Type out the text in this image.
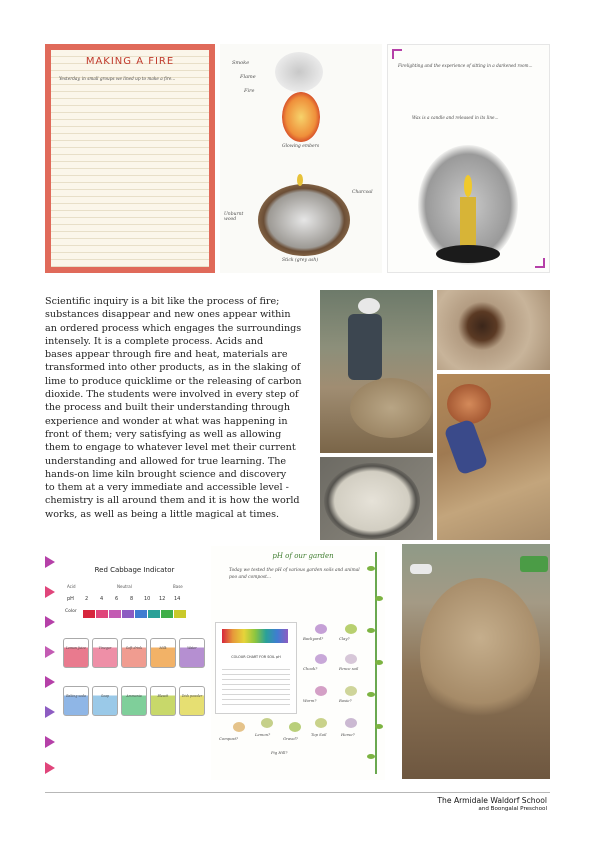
MAKING A FIRE
Yesterday, in small groups we lined up to make a fire...
Smoke
Flame
Fire
Glowing embers
Charcoal
Unburnt wood
Stick (grey ash)
Firelighting and the experience of sitting in a darkened room...
Wax is a candle and released in its line...
Scientific inquiry is a bit like the process of fire;
substances disappear and new ones appear within
an ordered process which engages the surroundings
intensely. It is a complete process. Acids and
bases appear through fire and heat, materials are
transformed into other products, as in the slaking of
lime to produce quicklime or the releasing of carbon
dioxide. The students were involved in every step of
the process and built their understanding through
experience and wonder at what was happening in
front of them; very satisfying as well as allowing
them to engage to whatever level met their current
understanding and allowed for true learning. The
hands-on lime kiln brought science and discovery
to them at a very immediate and accessible level -
chemistry is all around them and it is how the world
works, as well as being a little magical at times.
Red Cabbage Indicator
Acid	Neutral	Base
pH 2 4 6 8 10 12 14
Color
Lemon Juice	Vinegar	Soft drink	Milk	Water
Baking soda	Soap	Ammonia	Bleach	Dish powder
pH of our garden
Today we tested the pH of various garden soils and animal poo and compost...
COLOUR CHART FOR SOIL pH
Backyard?	Clay?
Chook?	Fence soil
Worm?	Rosie?
Compost?
Lemon?
Gravel?
Top Soil	Horse?
Pig Hill?
The Armidale Waldorf School
and Boongalal Preschool
